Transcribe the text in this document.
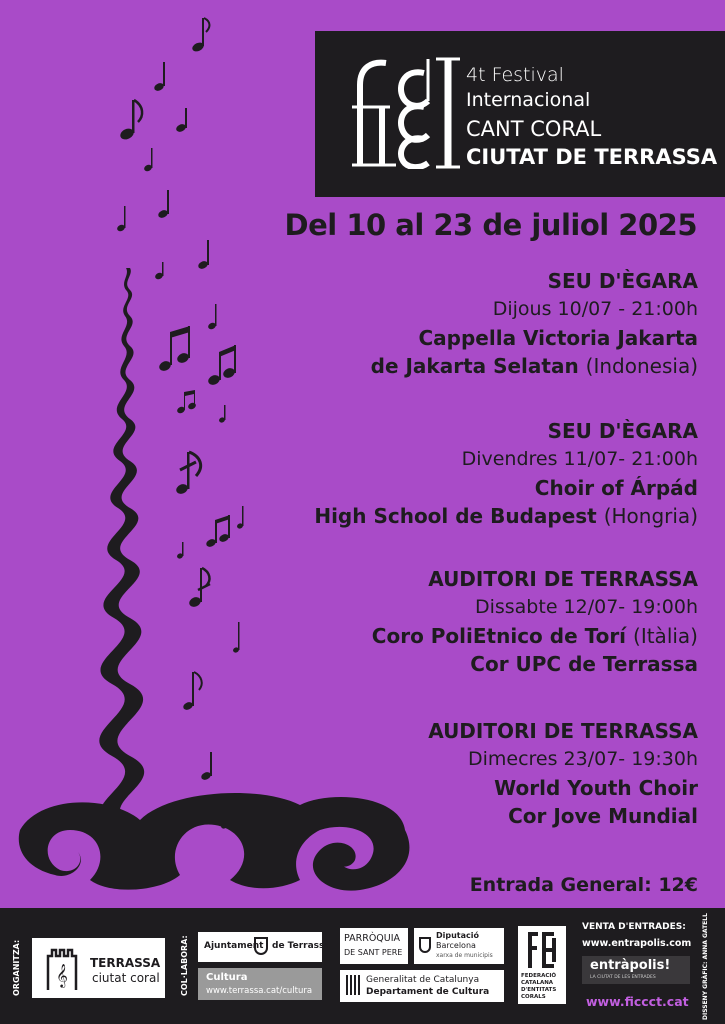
4t Festival
Internacional
CANT CORAL
CIUTAT DE TERRASSA
Del 10 al 23 de juliol 2025
SEU D'ÈGARA
Dijous 10/07 - 21:00h
Cappella Victoria Jakarta
de Jakarta Selatan (Indonesia)
SEU D'ÈGARA
Divendres 11/07- 21:00h
Choir of Árpád
High School de Budapest (Hongria)
AUDITORI DE TERRASSA
Dissabte 12/07- 19:00h
Coro PoliEtnico de Torí (Itàlia)
Cor UPC de Terrassa
AUDITORI DE TERRASSA
Dimecres 23/07- 19:30h
World Youth Choir
Cor Jove Mundial
Entrada General: 12€
ORGANITZA: 𝄞 TERRASSA
ciutat coral	COL·LABORA: Ajuntament de Terrassa
Cultura
www.terrassa.cat/cultura
PARRÒQUIA
DE SANT PERE
Diputació
Barcelona
xarxa de municipis
Generalitat de Catalunya
Departament de Cultura
FEDERACIÓ
CATALANA
D'ENTITATS
CORALS
VENTA D'ENTRADES:
www.entrapolis.com
entràpolis!
LA CIUTAT DE LES ENTRADES
www.ficcct.cat DISSENY GRÀFIC: ANNA GATELL
